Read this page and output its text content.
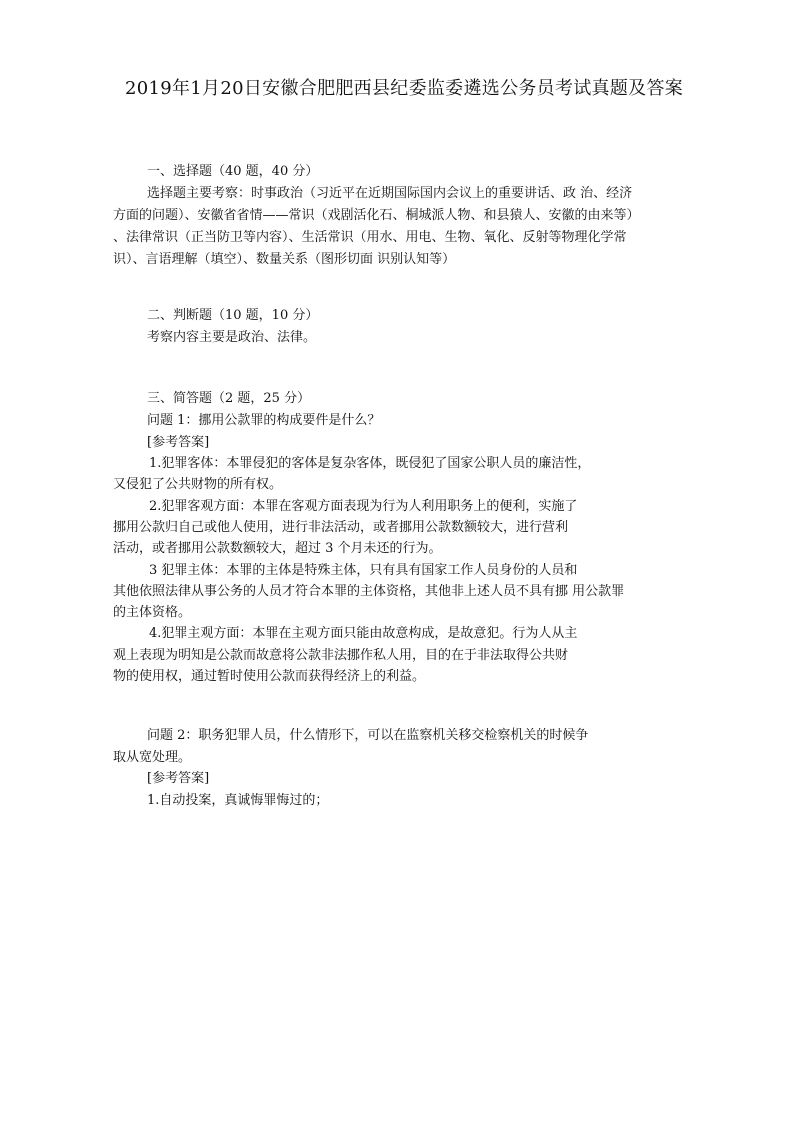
2019年1月20日安徽合肥肥西县纪委监委遴选公务员考试真题及答案
一、选择题（40 题，40 分）
选择题主要考察：时事政治（习近平在近期国际国内会议上的重要讲话、政 治、经济
方面的问题）、安徽省省情——常识（戏剧活化石、桐城派人物、和县猿人、安徽的由来等）
、法律常识（正当防卫等内容）、生活常识（用水、用电、生物、氧化、反射等物理化学常
识）、言语理解（填空）、数量关系（图形切面 识别认知等）
二、判断题（10 题，10 分）
考察内容主要是政治、法律。
三、简答题（2 题，25 分）
问题 1：挪用公款罪的构成要件是什么？
[参考答案]
1.犯罪客体：本罪侵犯的客体是复杂客体，既侵犯了国家公职人员的廉洁性，
又侵犯了公共财物的所有权。
2.犯罪客观方面：本罪在客观方面表现为行为人利用职务上的便利，实施了
挪用公款归自己或他人使用，进行非法活动，或者挪用公款数额较大，进行营利
活动，或者挪用公款数额较大，超过 3 个月未还的行为。
3 犯罪主体：本罪的主体是特殊主体，只有具有国家工作人员身份的人员和
其他依照法律从事公务的人员才符合本罪的主体资格，其他非上述人员不具有挪 用公款罪
的主体资格。
4.犯罪主观方面：本罪在主观方面只能由故意构成，是故意犯。行为人从主
观上表现为明知是公款而故意将公款非法挪作私人用，目的在于非法取得公共财
物的使用权，通过暂时使用公款而获得经济上的利益。
问题 2：职务犯罪人员，什么情形下，可以在监察机关移交检察机关的时候争
取从宽处理。
[参考答案]
1.自动投案，真诚悔罪悔过的；
